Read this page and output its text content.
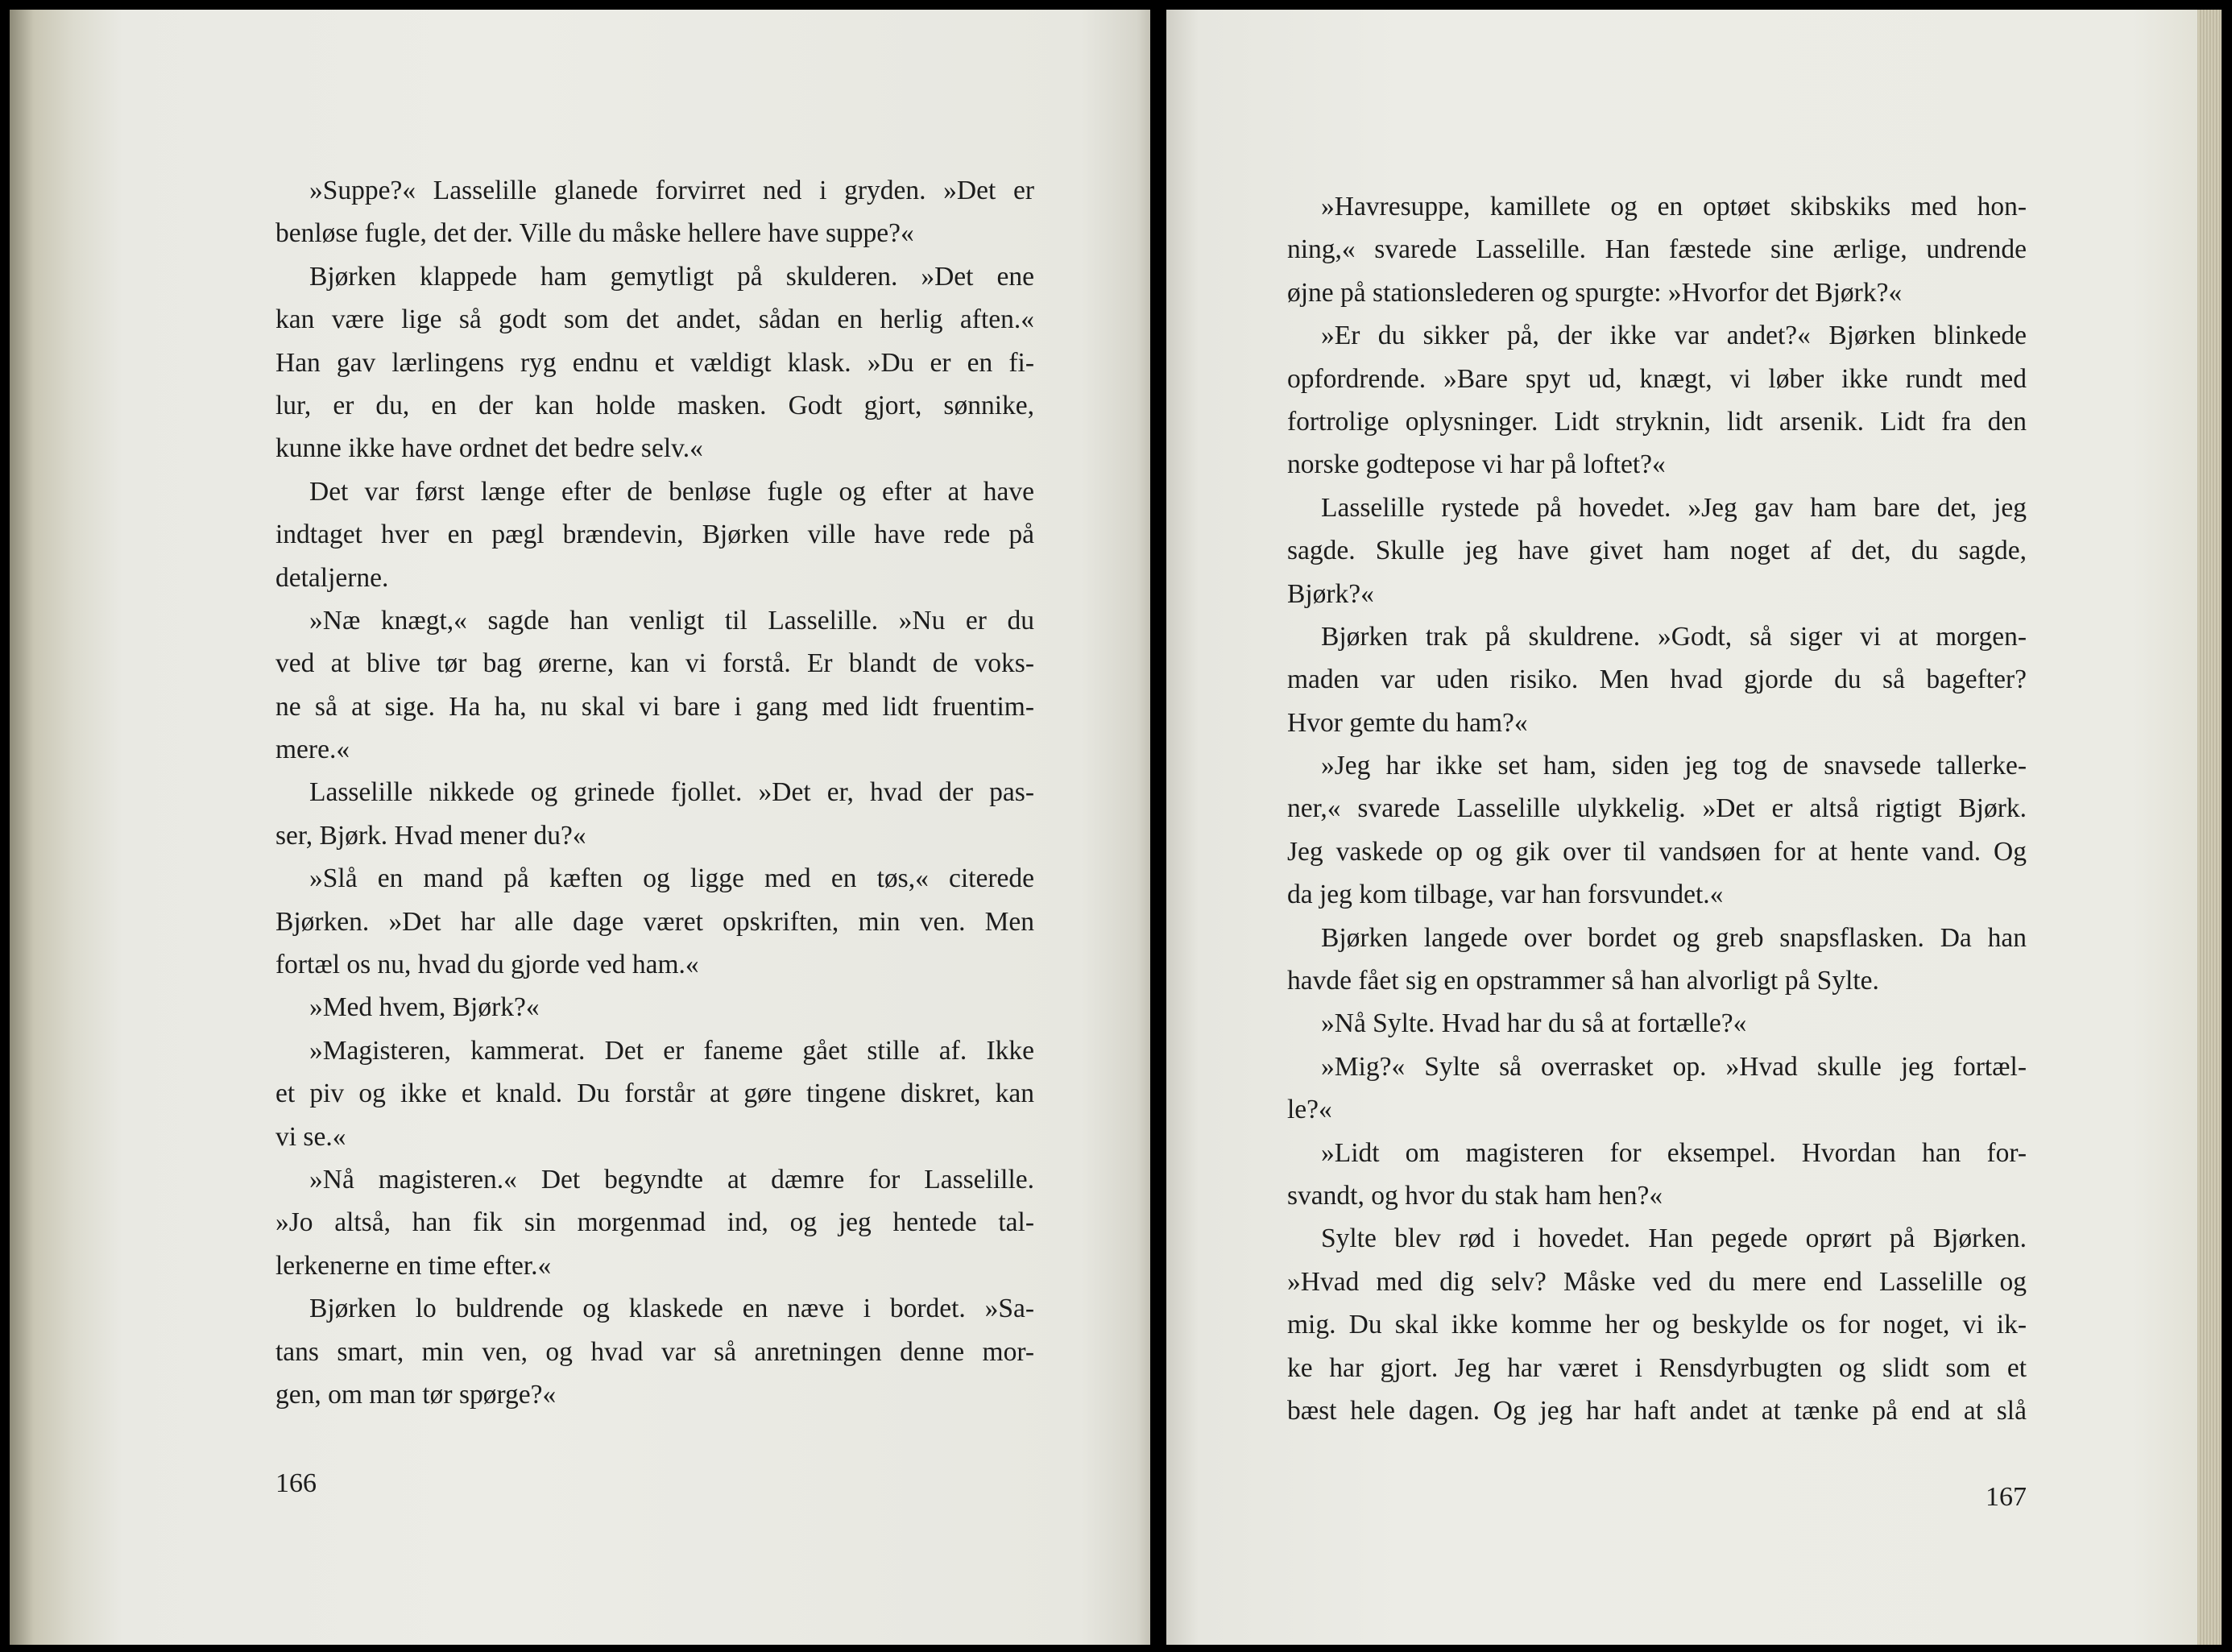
»Suppe?« Lasselille glanede forvirret ned i gryden. »Det er
benløse fugle, det der. Ville du måske hellere have suppe?«
Bjørken klappede ham gemytligt på skulderen. »Det ene
kan være lige så godt som det andet, sådan en herlig aften.«
Han gav lærlingens ryg endnu et vældigt klask. »Du er en fi-
lur, er du, en der kan holde masken. Godt gjort, sønnike,
kunne ikke have ordnet det bedre selv.«
Det var først længe efter de benløse fugle og efter at have
indtaget hver en pægl brændevin, Bjørken ville have rede på
detaljerne.
»Næ knægt,« sagde han venligt til Lasselille. »Nu er du
ved at blive tør bag ørerne, kan vi forstå. Er blandt de voks-
ne så at sige. Ha ha, nu skal vi bare i gang med lidt fruentim-
mere.«
Lasselille nikkede og grinede fjollet. »Det er, hvad der pas-
ser, Bjørk. Hvad mener du?«
»Slå en mand på kæften og ligge med en tøs,« citerede
Bjørken. »Det har alle dage været opskriften, min ven. Men
fortæl os nu, hvad du gjorde ved ham.«
»Med hvem, Bjørk?«
»Magisteren, kammerat. Det er faneme gået stille af. Ikke
et piv og ikke et knald. Du forstår at gøre tingene diskret, kan
vi se.«
»Nå magisteren.« Det begyndte at dæmre for Lasselille.
»Jo altså, han fik sin morgenmad ind, og jeg hentede tal-
lerkenerne en time efter.«
Bjørken lo buldrende og klaskede en næve i bordet. »Sa-
tans smart, min ven, og hvad var så anretningen denne mor-
gen, om man tør spørge?«
166
»Havresuppe, kamillete og en optøet skibskiks med hon-
ning,« svarede Lasselille. Han fæstede sine ærlige, undrende
øjne på stationslederen og spurgte: »Hvorfor det Bjørk?«
»Er du sikker på, der ikke var andet?« Bjørken blinkede
opfordrende. »Bare spyt ud, knægt, vi løber ikke rundt med
fortrolige oplysninger. Lidt stryknin, lidt arsenik. Lidt fra den
norske godtepose vi har på loftet?«
Lasselille rystede på hovedet. »Jeg gav ham bare det, jeg
sagde. Skulle jeg have givet ham noget af det, du sagde,
Bjørk?«
Bjørken trak på skuldrene. »Godt, så siger vi at morgen-
maden var uden risiko. Men hvad gjorde du så bagefter?
Hvor gemte du ham?«
»Jeg har ikke set ham, siden jeg tog de snavsede tallerke-
ner,« svarede Lasselille ulykkelig. »Det er altså rigtigt Bjørk.
Jeg vaskede op og gik over til vandsøen for at hente vand. Og
da jeg kom tilbage, var han forsvundet.«
Bjørken langede over bordet og greb snapsflasken. Da han
havde fået sig en opstrammer så han alvorligt på Sylte.
»Nå Sylte. Hvad har du så at fortælle?«
»Mig?« Sylte så overrasket op. »Hvad skulle jeg fortæl-
le?«
»Lidt om magisteren for eksempel. Hvordan han for-
svandt, og hvor du stak ham hen?«
Sylte blev rød i hovedet. Han pegede oprørt på Bjørken.
»Hvad med dig selv? Måske ved du mere end Lasselille og
mig. Du skal ikke komme her og beskylde os for noget, vi ik-
ke har gjort. Jeg har været i Rensdyrbugten og slidt som et
bæst hele dagen. Og jeg har haft andet at tænke på end at slå
167
